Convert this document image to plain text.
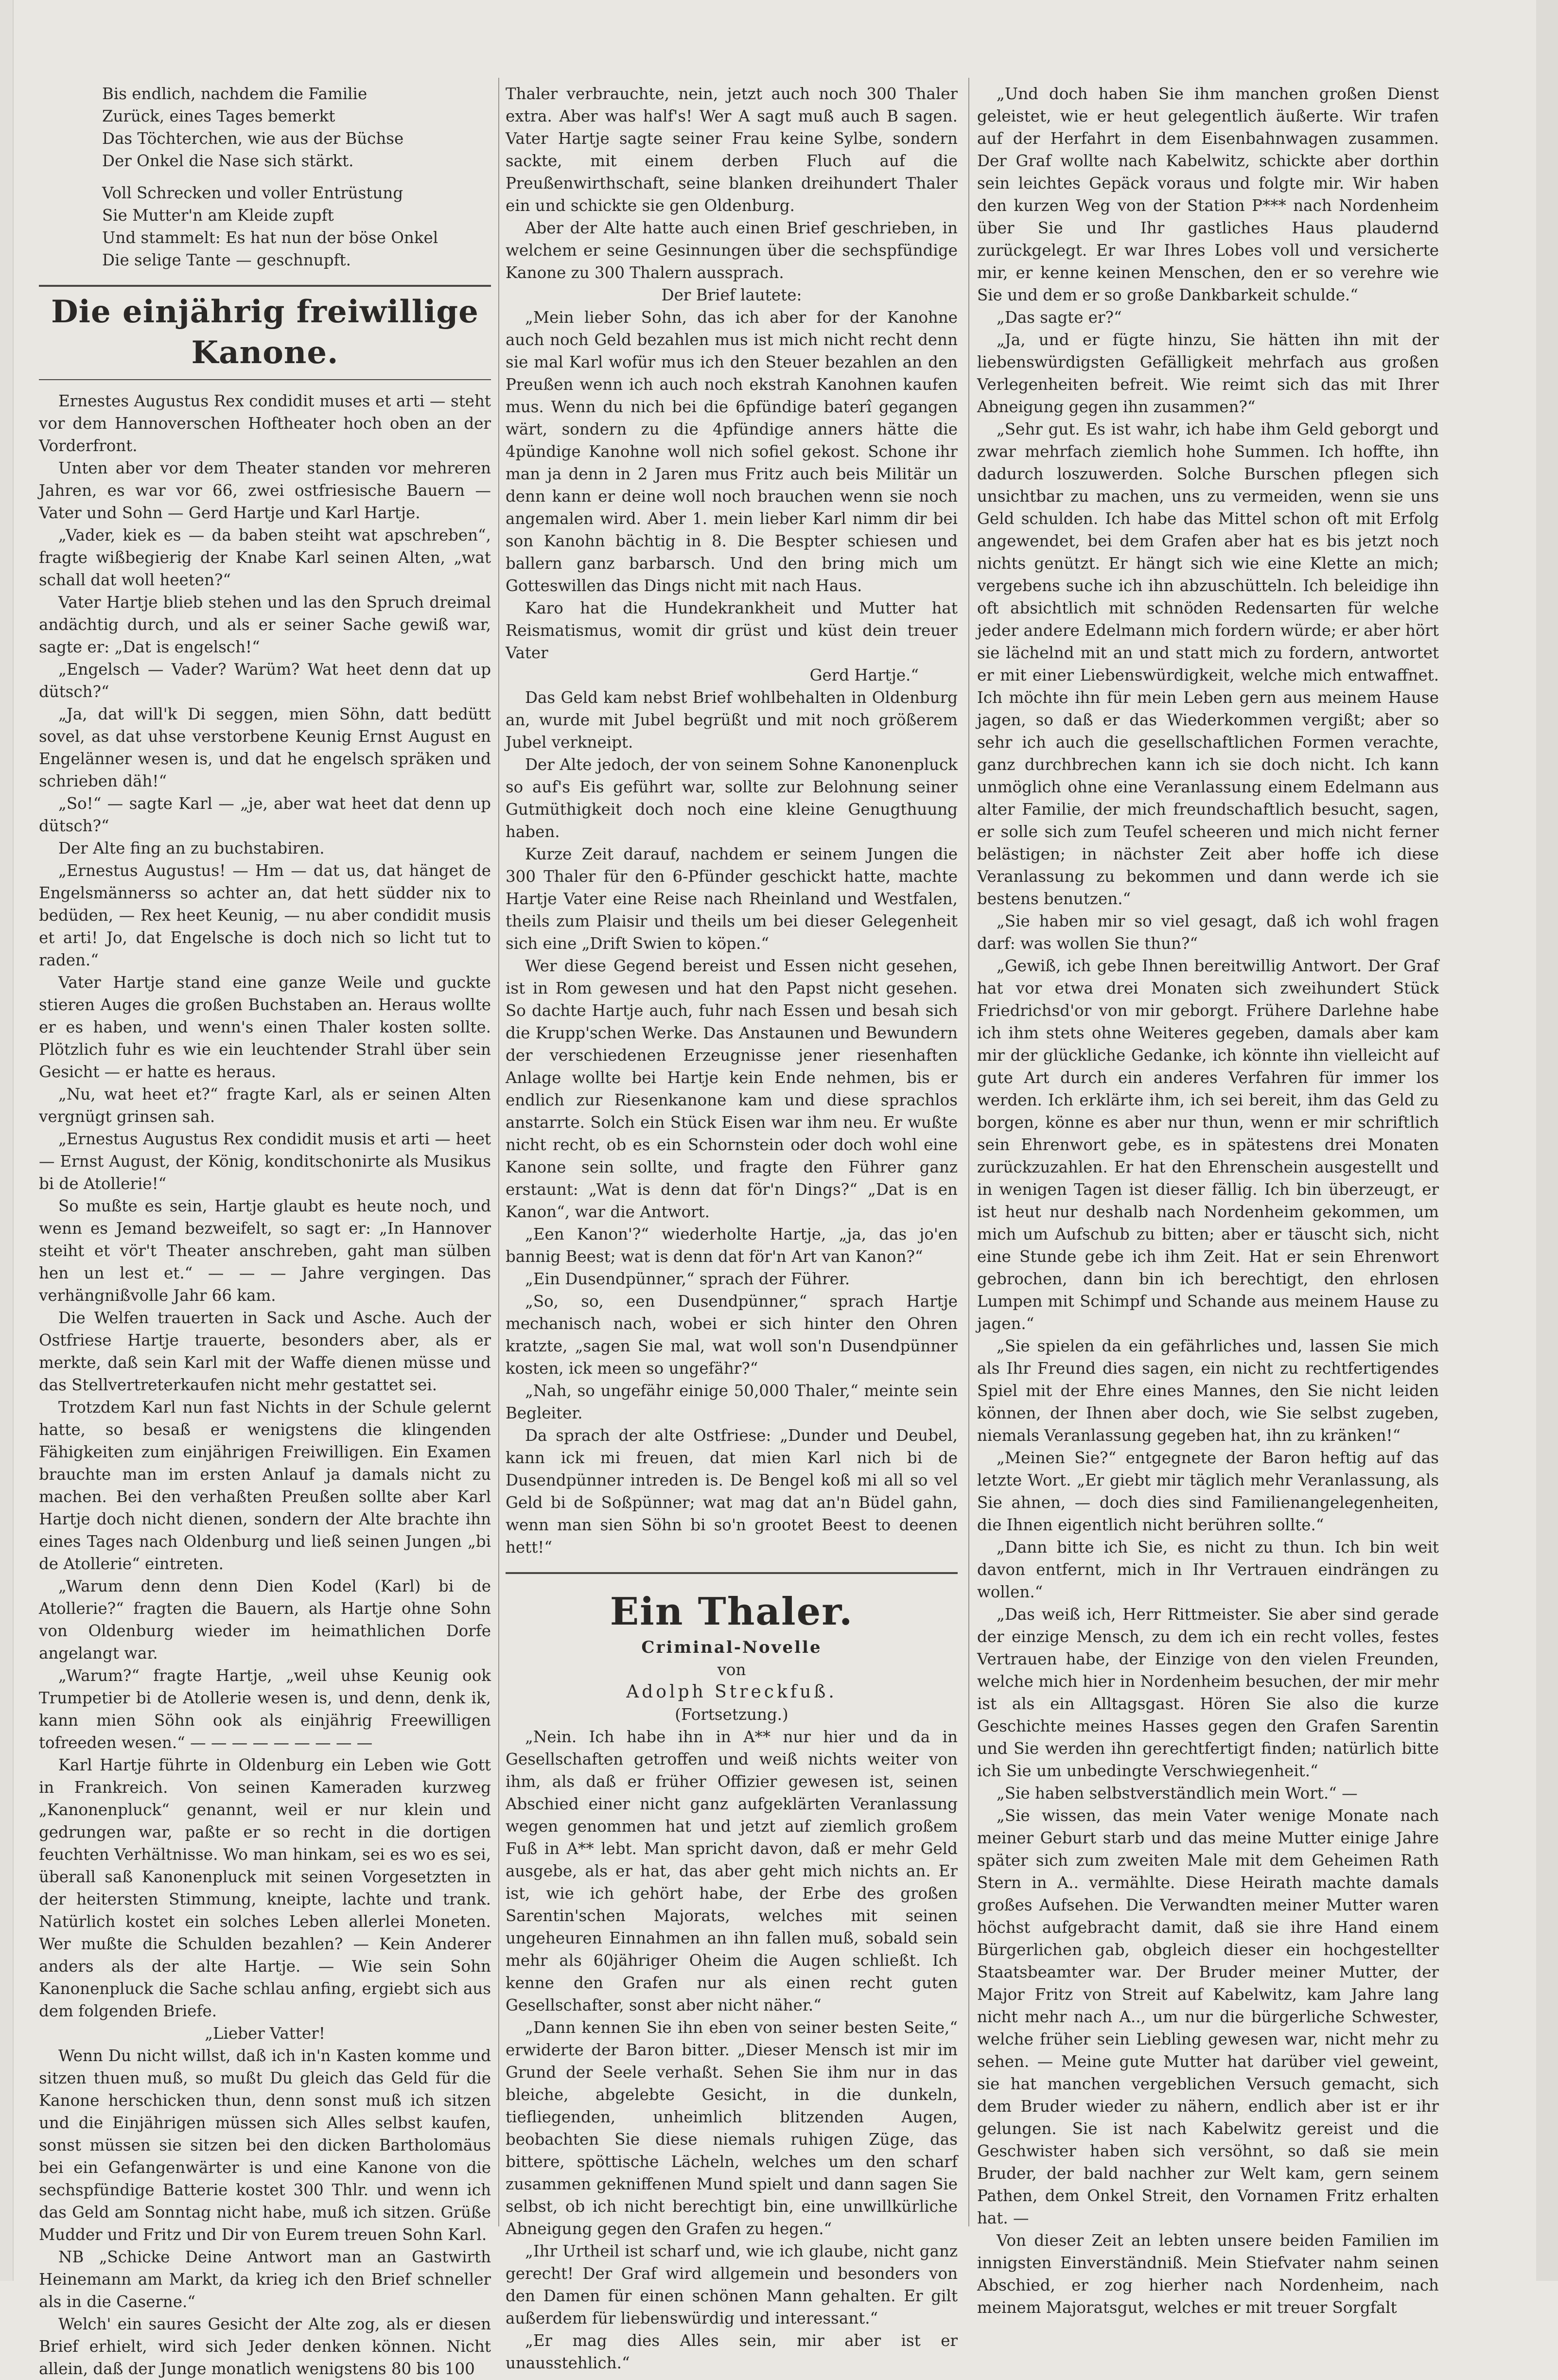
Bis endlich, nachdem die Familie
Zurück, eines Tages bemerkt
Das Töchterchen, wie aus der Büchse
Der Onkel die Nase sich stärkt.
Voll Schrecken und voller Entrüstung
Sie Mutter'n am Kleide zupft
Und stammelt: Es hat nun der böse Onkel
Die selige Tante — geschnupft.
Die einjährig freiwillige Kanone.

Ernestes Augustus Rex condidit muses et arti — steht vor dem Hannoverschen Hoftheater hoch oben an der Vorderfront.

Unten aber vor dem Theater standen vor mehreren Jahren, es war vor 66, zwei ostfriesische Bauern — Vater und Sohn — Gerd Hartje und Karl Hartje.

„Vader, kiek es — da baben steiht wat apschreben“, fragte wißbegierig der Knabe Karl seinen Alten, „wat schall dat woll heeten?“

Vater Hartje blieb stehen und las den Spruch dreimal andächtig durch, und als er seiner Sache gewiß war, sagte er: „Dat is engelsch!“

„Engelsch — Vader? Warüm? Wat heet denn dat up dütsch?“

„Ja, dat will'k Di seggen, mien Söhn, datt bedütt sovel, as dat uhse verstorbene Keunig Ernst August en Engelänner wesen is, und dat he engelsch spräken und schrieben däh!“

„So!“ — sagte Karl — „je, aber wat heet dat denn up dütsch?“

Der Alte fing an zu buchstabiren.

„Ernestus Augustus! — Hm — dat us, dat hänget de Engelsmännerss so achter an, dat hett südder nix to bedüden, — Rex heet Keunig, — nu aber condidit musis et arti! Jo, dat Engelsche is doch nich so licht tut to raden.“

Vater Hartje stand eine ganze Weile und guckte stieren Auges die großen Buchstaben an. Heraus wollte er es haben, und wenn's einen Thaler kosten sollte. Plötzlich fuhr es wie ein leuchtender Strahl über sein Gesicht — er hatte es heraus.

„Nu, wat heet et?“ fragte Karl, als er seinen Alten vergnügt grinsen sah.

„Ernestus Augustus Rex condidit musis et arti — heet — Ernst August, der König, konditschonirte als Musikus bi de Atollerie!“

So mußte es sein, Hartje glaubt es heute noch, und wenn es Jemand bezweifelt, so sagt er: „In Hannover steiht et vör't Theater anschreben, gaht man sülben hen un lest et.“ — — — Jahre vergingen. Das verhängnißvolle Jahr 66 kam.

Die Welfen trauerten in Sack und Asche. Auch der Ostfriese Hartje trauerte, besonders aber, als er merkte, daß sein Karl mit der Waffe dienen müsse und das Stellvertreterkaufen nicht mehr gestattet sei.

Trotzdem Karl nun fast Nichts in der Schule gelernt hatte, so besaß er wenigstens die klingenden Fähigkeiten zum einjährigen Freiwilligen. Ein Examen brauchte man im ersten Anlauf ja damals nicht zu machen. Bei den verhaßten Preußen sollte aber Karl Hartje doch nicht dienen, sondern der Alte brachte ihn eines Tages nach Oldenburg und ließ seinen Jungen „bi de Atollerie“ eintreten.

„Warum denn denn Dien Kodel (Karl) bi de Atollerie?“ fragten die Bauern, als Hartje ohne Sohn von Oldenburg wieder im heimathlichen Dorfe angelangt war.

„Warum?“ fragte Hartje, „weil uhse Keunig ook Trumpetier bi de Atollerie wesen is, und denn, denk ik, kann mien Söhn ook als einjährig Freewilligen tofreeden wesen.“ — — — — — — — — —

Karl Hartje führte in Oldenburg ein Leben wie Gott in Frankreich. Von seinen Kameraden kurzweg „Kanonenpluck“ genannt, weil er nur klein und gedrungen war, paßte er so recht in die dortigen feuchten Verhältnisse. Wo man hinkam, sei es wo es sei, überall saß Kanonenpluck mit seinen Vorgesetzten in der heitersten Stimmung, kneipte, lachte und trank. Natürlich kostet ein solches Leben allerlei Moneten. Wer mußte die Schulden bezahlen? — Kein Anderer anders als der alte Hartje. — Wie sein Sohn Kanonenpluck die Sache schlau anfing, ergiebt sich aus dem folgenden Briefe.

„Lieber Vatter!

Wenn Du nicht willst, daß ich in'n Kasten komme und sitzen thuen muß, so mußt Du gleich das Geld für die Kanone herschicken thun, denn sonst muß ich sitzen und die Einjährigen müssen sich Alles selbst kaufen, sonst müssen sie sitzen bei den dicken Bartholomäus bei ein Gefangenwärter is und eine Kanone von die sechspfündige Batterie kostet 300 Thlr. und wenn ich das Geld am Sonntag nicht habe, muß ich sitzen. Grüße Mudder und Fritz und Dir von Eurem treuen Sohn Karl.

NB „Schicke Deine Antwort man an Gastwirth Heinemann am Markt, da krieg ich den Brief schneller als in die Caserne.“

Welch' ein saures Gesicht der Alte zog, als er diesen Brief erhielt, wird sich Jeder denken können. Nicht allein, daß der Junge monatlich wenigstens 80 bis 100

Thaler verbrauchte, nein, jetzt auch noch 300 Thaler extra. Aber was half's! Wer A sagt muß auch B sagen. Vater Hartje sagte seiner Frau keine Sylbe, sondern sackte, mit einem derben Fluch auf die Preußenwirthschaft, seine blanken dreihundert Thaler ein und schickte sie gen Oldenburg.

Aber der Alte hatte auch einen Brief geschrieben, in welchem er seine Gesinnungen über die sechspfündige Kanone zu 300 Thalern aussprach.

Der Brief lautete:

„Mein lieber Sohn, das ich aber for der Kanohne auch noch Geld bezahlen mus ist mich nicht recht denn sie mal Karl wofür mus ich den Steuer bezahlen an den Preußen wenn ich auch noch ekstrah Kanohnen kaufen mus. Wenn du nich bei die 6pfündige baterî gegangen wärt, sondern zu die 4pfündige anners hätte die 4pündige Kanohne woll nich sofiel gekost. Schone ihr man ja denn in 2 Jaren mus Fritz auch beis Militär un denn kann er deine woll noch brauchen wenn sie noch angemalen wird. Aber 1. mein lieber Karl nimm dir bei son Kanohn bächtig in 8. Die Bespter schiesen und ballern ganz barbarsch. Und den bring mich um Gotteswillen das Dings nicht mit nach Haus.

Karo hat die Hundekrankheit und Mutter hat Reismatismus, womit dir grüst und küst dein treuer Vater

Gerd Hartje.“

Das Geld kam nebst Brief wohlbehalten in Oldenburg an, wurde mit Jubel begrüßt und mit noch größerem Jubel verkneipt.

Der Alte jedoch, der von seinem Sohne Kanonenpluck so auf's Eis geführt war, sollte zur Belohnung seiner Gutmüthigkeit doch noch eine kleine Genugthuung haben.

Kurze Zeit darauf, nachdem er seinem Jungen die 300 Thaler für den 6-Pfünder geschickt hatte, machte Hartje Vater eine Reise nach Rheinland und Westfalen, theils zum Plaisir und theils um bei dieser Gelegenheit sich eine „Drift Swien to köpen.“

Wer diese Gegend bereist und Essen nicht gesehen, ist in Rom gewesen und hat den Papst nicht gesehen. So dachte Hartje auch, fuhr nach Essen und besah sich die Krupp'schen Werke. Das Anstaunen und Bewundern der verschiedenen Erzeugnisse jener riesenhaften Anlage wollte bei Hartje kein Ende nehmen, bis er endlich zur Riesenkanone kam und diese sprachlos anstarrte. Solch ein Stück Eisen war ihm neu. Er wußte nicht recht, ob es ein Schornstein oder doch wohl eine Kanone sein sollte, und fragte den Führer ganz erstaunt: „Wat is denn dat för'n Dings?“ „Dat is en Kanon“, war die Antwort.

„Een Kanon'?“ wiederholte Hartje, „ja, das jo'en bannig Beest; wat is denn dat för'n Art van Kanon?“

„Ein Dusendpünner,“ sprach der Führer.

„So, so, een Dusendpünner,“ sprach Hartje mechanisch nach, wobei er sich hinter den Ohren kratzte, „sagen Sie mal, wat woll son'n Dusendpünner kosten, ick meen so ungefähr?“

„Nah, so ungefähr einige 50,000 Thaler,“ meinte sein Begleiter.

Da sprach der alte Ostfriese: „Dunder und Deubel, kann ick mi freuen, dat mien Karl nich bi de Dusendpünner intreden is. De Bengel koß mi all so vel Geld bi de Soßpünner; wat mag dat an'n Büdel gahn, wenn man sien Söhn bi so'n grootet Beest to deenen hett!“

Ein Thaler.
Criminal-Novelle

von

Adolph Streckfuß.

(Fortsetzung.)

„Nein. Ich habe ihn in A** nur hier und da in Gesellschaften getroffen und weiß nichts weiter von ihm, als daß er früher Offizier gewesen ist, seinen Abschied einer nicht ganz aufgeklärten Veranlassung wegen genommen hat und jetzt auf ziemlich großem Fuß in A** lebt. Man spricht davon, daß er mehr Geld ausgebe, als er hat, das aber geht mich nichts an. Er ist, wie ich gehört habe, der Erbe des großen Sarentin'schen Majorats, welches mit seinen ungeheuren Einnahmen an ihn fallen muß, sobald sein mehr als 60jähriger Oheim die Augen schließt. Ich kenne den Grafen nur als einen recht guten Gesellschafter, sonst aber nicht näher.“

„Dann kennen Sie ihn eben von seiner besten Seite,“ erwiderte der Baron bitter. „Dieser Mensch ist mir im Grund der Seele verhaßt. Sehen Sie ihm nur in das bleiche, abgelebte Gesicht, in die dunkeln, tiefliegenden, unheimlich blitzenden Augen, beobachten Sie diese niemals ruhigen Züge, das bittere, spöttische Lächeln, welches um den scharf zusammen gekniffenen Mund spielt und dann sagen Sie selbst, ob ich nicht berechtigt bin, eine unwillkürliche Abneigung gegen den Grafen zu hegen.“

„Ihr Urtheil ist scharf und, wie ich glaube, nicht ganz gerecht! Der Graf wird allgemein und besonders von den Damen für einen schönen Mann gehalten. Er gilt außerdem für liebenswürdig und interessant.“

„Er mag dies Alles sein, mir aber ist er unausstehlich.“

„Und doch haben Sie ihm manchen großen Dienst geleistet, wie er heut gelegentlich äußerte. Wir trafen auf der Herfahrt in dem Eisenbahnwagen zusammen. Der Graf wollte nach Kabelwitz, schickte aber dorthin sein leichtes Gepäck voraus und folgte mir. Wir haben den kurzen Weg von der Station P*** nach Nordenheim über Sie und Ihr gastliches Haus plaudernd zurückgelegt. Er war Ihres Lobes voll und versicherte mir, er kenne keinen Menschen, den er so verehre wie Sie und dem er so große Dankbarkeit schulde.“

„Das sagte er?“

„Ja, und er fügte hinzu, Sie hätten ihn mit der liebenswürdigsten Gefälligkeit mehrfach aus großen Verlegenheiten befreit. Wie reimt sich das mit Ihrer Abneigung gegen ihn zusammen?“

„Sehr gut. Es ist wahr, ich habe ihm Geld geborgt und zwar mehrfach ziemlich hohe Summen. Ich hoffte, ihn dadurch loszuwerden. Solche Burschen pflegen sich unsichtbar zu machen, uns zu vermeiden, wenn sie uns Geld schulden. Ich habe das Mittel schon oft mit Erfolg angewendet, bei dem Grafen aber hat es bis jetzt noch nichts genützt. Er hängt sich wie eine Klette an mich; vergebens suche ich ihn abzuschütteln. Ich beleidige ihn oft absichtlich mit schnöden Redensarten für welche jeder andere Edelmann mich fordern würde; er aber hört sie lächelnd mit an und statt mich zu fordern, antwortet er mit einer Liebenswürdigkeit, welche mich entwaffnet. Ich möchte ihn für mein Leben gern aus meinem Hause jagen, so daß er das Wiederkommen vergißt; aber so sehr ich auch die gesellschaftlichen Formen verachte, ganz durchbrechen kann ich sie doch nicht. Ich kann unmöglich ohne eine Veranlassung einem Edelmann aus alter Familie, der mich freundschaftlich besucht, sagen, er solle sich zum Teufel scheeren und mich nicht ferner belästigen; in nächster Zeit aber hoffe ich diese Veranlassung zu bekommen und dann werde ich sie bestens benutzen.“

„Sie haben mir so viel gesagt, daß ich wohl fragen darf: was wollen Sie thun?“

„Gewiß, ich gebe Ihnen bereitwillig Antwort. Der Graf hat vor etwa drei Monaten sich zweihundert Stück Friedrichsd'or von mir geborgt. Frühere Darlehne habe ich ihm stets ohne Weiteres gegeben, damals aber kam mir der glückliche Gedanke, ich könnte ihn vielleicht auf gute Art durch ein anderes Verfahren für immer los werden. Ich erklärte ihm, ich sei bereit, ihm das Geld zu borgen, könne es aber nur thun, wenn er mir schriftlich sein Ehrenwort gebe, es in spätestens drei Monaten zurückzuzahlen. Er hat den Ehrenschein ausgestellt und in wenigen Tagen ist dieser fällig. Ich bin überzeugt, er ist heut nur deshalb nach Nordenheim gekommen, um mich um Aufschub zu bitten; aber er täuscht sich, nicht eine Stunde gebe ich ihm Zeit. Hat er sein Ehrenwort gebrochen, dann bin ich berechtigt, den ehrlosen Lumpen mit Schimpf und Schande aus meinem Hause zu jagen.“

„Sie spielen da ein gefährliches und, lassen Sie mich als Ihr Freund dies sagen, ein nicht zu rechtfertigendes Spiel mit der Ehre eines Mannes, den Sie nicht leiden können, der Ihnen aber doch, wie Sie selbst zugeben, niemals Veranlassung gegeben hat, ihn zu kränken!“

„Meinen Sie?“ entgegnete der Baron heftig auf das letzte Wort. „Er giebt mir täglich mehr Veranlassung, als Sie ahnen, — doch dies sind Familienangelegenheiten, die Ihnen eigentlich nicht berühren sollte.“

„Dann bitte ich Sie, es nicht zu thun. Ich bin weit davon entfernt, mich in Ihr Vertrauen eindrängen zu wollen.“

„Das weiß ich, Herr Rittmeister. Sie aber sind gerade der einzige Mensch, zu dem ich ein recht volles, festes Vertrauen habe, der Einzige von den vielen Freunden, welche mich hier in Nordenheim besuchen, der mir mehr ist als ein Alltagsgast. Hören Sie also die kurze Geschichte meines Hasses gegen den Grafen Sarentin und Sie werden ihn gerechtfertigt finden; natürlich bitte ich Sie um unbedingte Verschwiegenheit.“

„Sie haben selbstverständlich mein Wort.“ —

„Sie wissen, das mein Vater wenige Monate nach meiner Geburt starb und das meine Mutter einige Jahre später sich zum zweiten Male mit dem Geheimen Rath Stern in A.. vermählte. Diese Heirath machte damals großes Aufsehen. Die Verwandten meiner Mutter waren höchst aufgebracht damit, daß sie ihre Hand einem Bürgerlichen gab, obgleich dieser ein hochgestellter Staatsbeamter war. Der Bruder meiner Mutter, der Major Fritz von Streit auf Kabelwitz, kam Jahre lang nicht mehr nach A.., um nur die bürgerliche Schwester, welche früher sein Liebling gewesen war, nicht mehr zu sehen. — Meine gute Mutter hat darüber viel geweint, sie hat manchen vergeblichen Versuch gemacht, sich dem Bruder wieder zu nähern, endlich aber ist er ihr gelungen. Sie ist nach Kabelwitz gereist und die Geschwister haben sich versöhnt, so daß sie mein Bruder, der bald nachher zur Welt kam, gern seinem Pathen, dem Onkel Streit, den Vornamen Fritz erhalten hat. —

Von dieser Zeit an lebten unsere beiden Familien im innigsten Einverständniß. Mein Stiefvater nahm seinen Abschied, er zog hierher nach Nordenheim, nach meinem Majoratsgut, welches er mit treuer Sorgfalt
